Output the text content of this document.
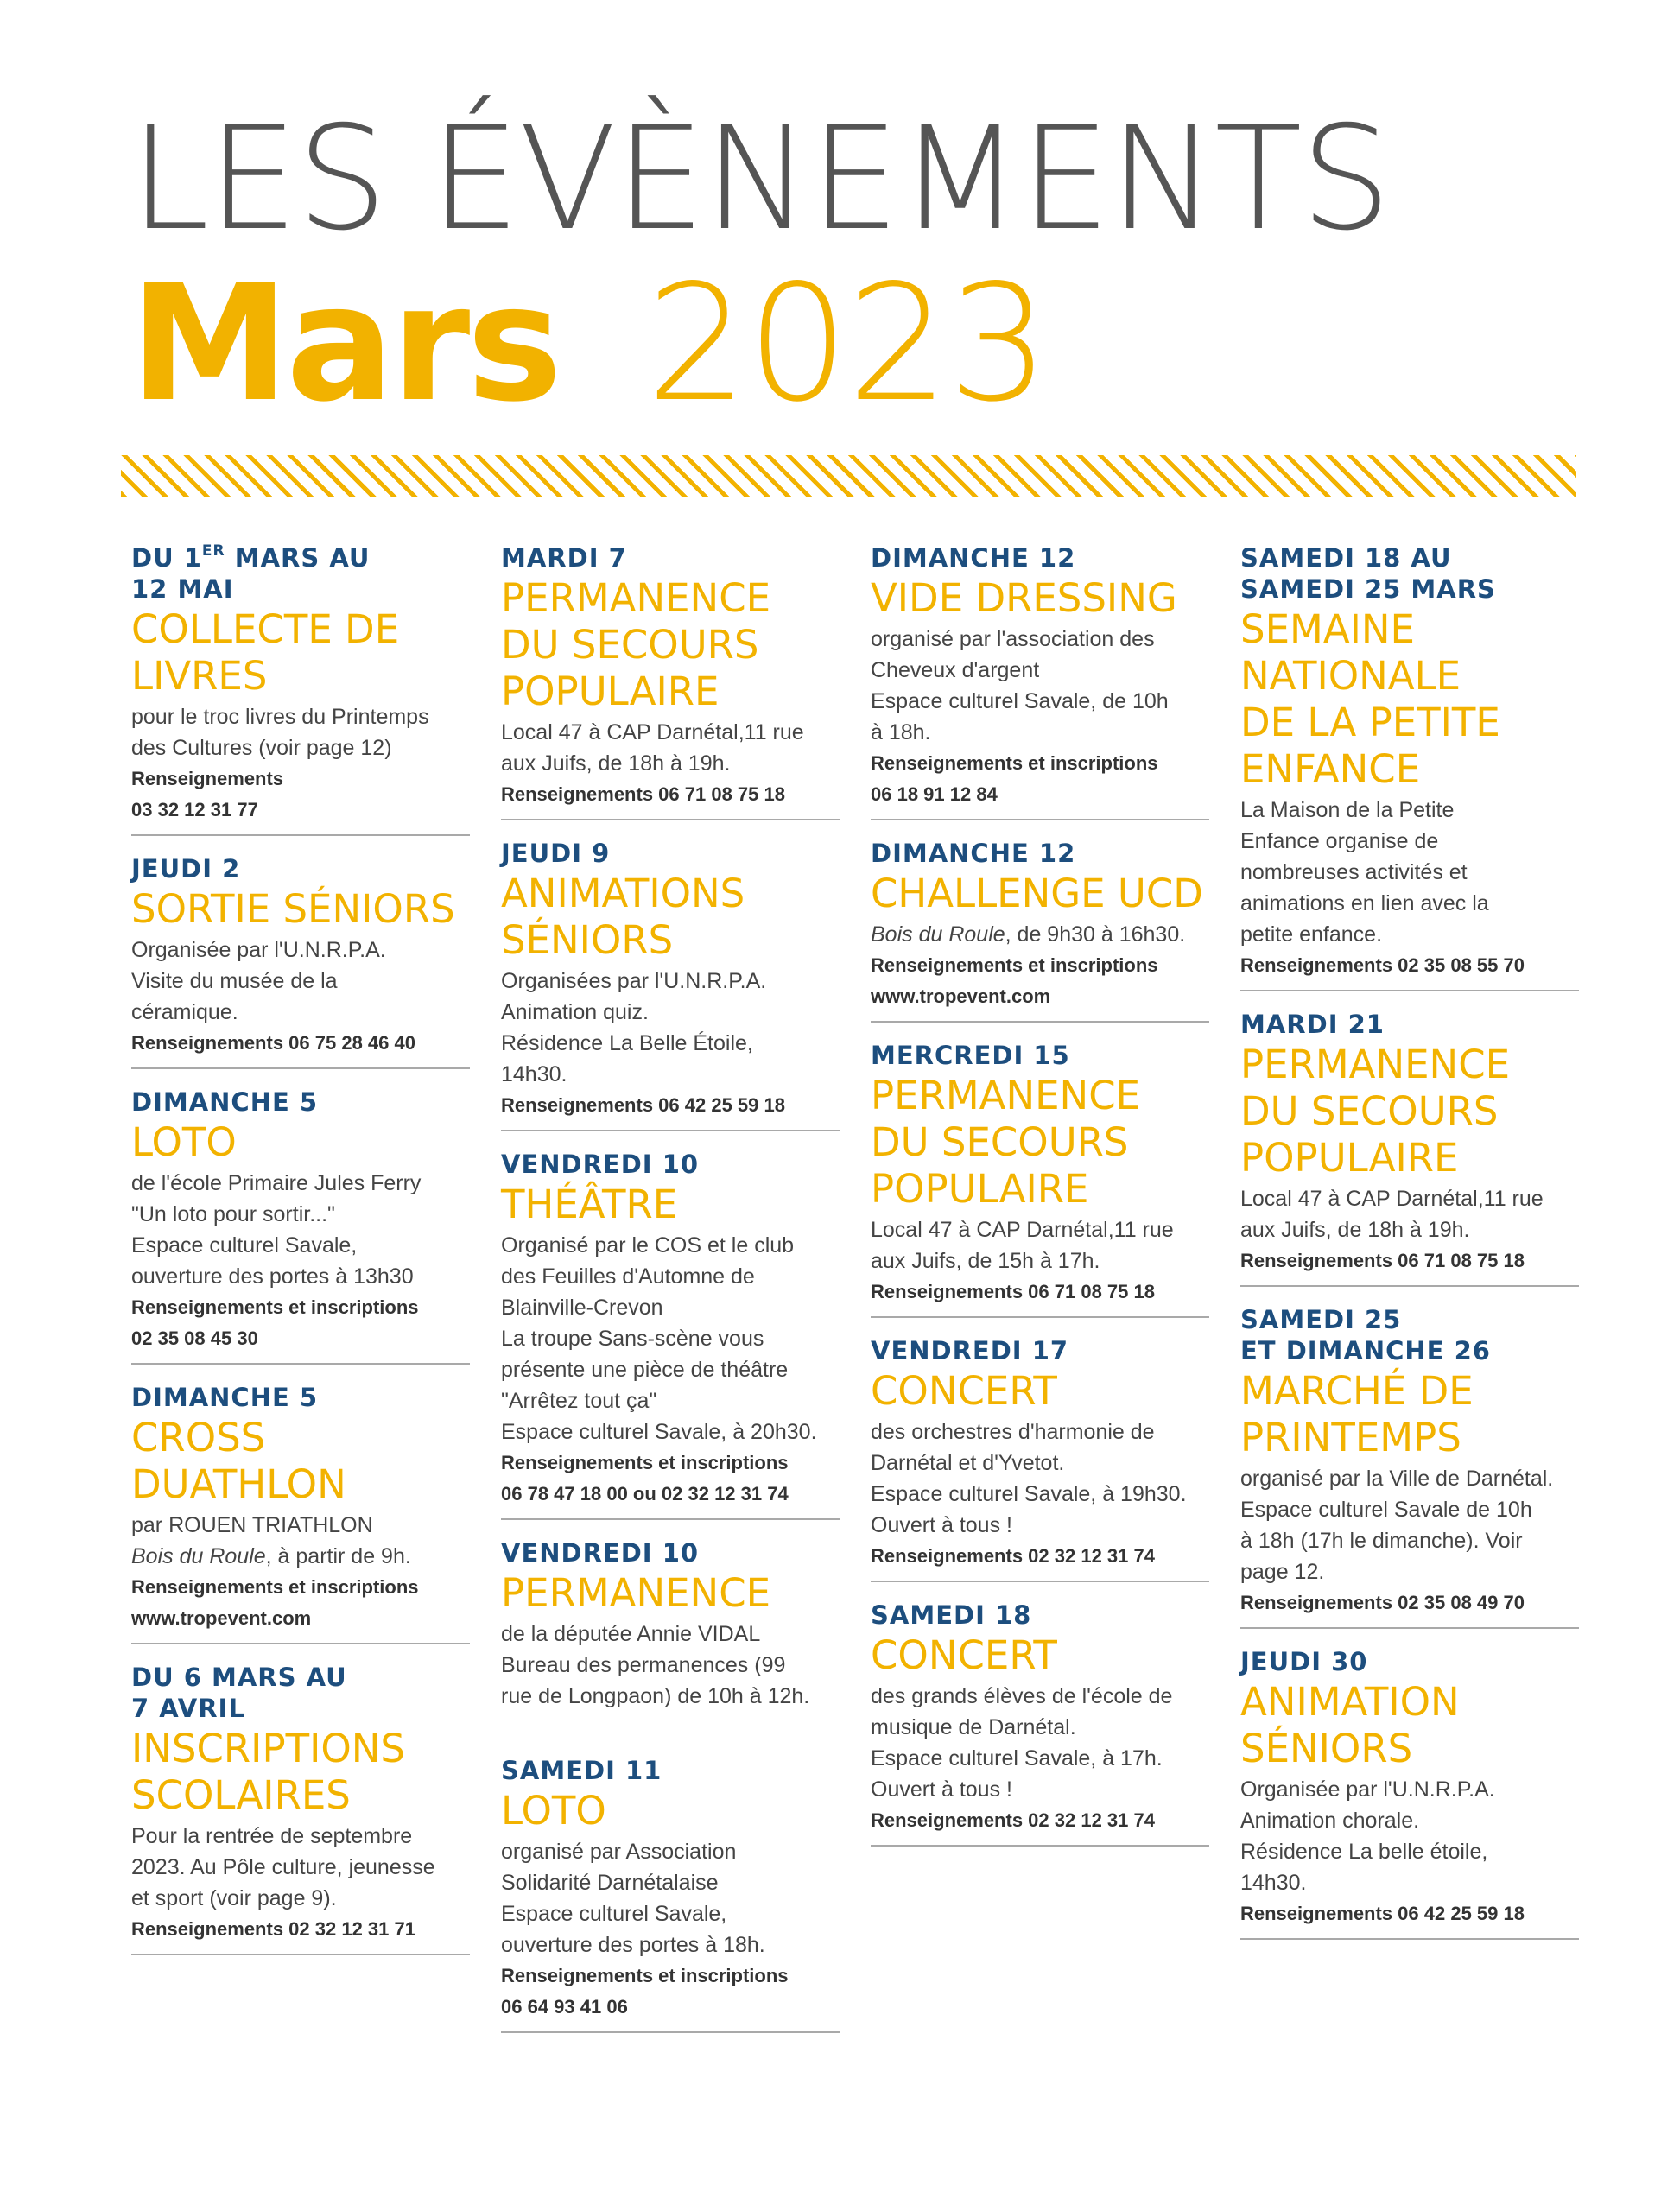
LES ÉVÈNEMENTS
Mars 2023
DU 1ER MARS AU
12 MAI
COLLECTE DE
LIVRES
pour le troc livres du Printemps
des Cultures (voir page 12)
Renseignements
03 32 12 31 77
JEUDI 2
SORTIE SÉNIORS
Organisée par l'U.N.R.P.A.
Visite du musée de la
céramique.
Renseignements 06 75 28 46 40
DIMANCHE 5
LOTO
de l'école Primaire Jules Ferry
"Un loto pour sortir..."
Espace culturel Savale,
ouverture des portes à 13h30
Renseignements et inscriptions
02 35 08 45 30
DIMANCHE 5
CROSS
DUATHLON
par ROUEN TRIATHLON
Bois du Roule, à partir de 9h.
Renseignements et inscriptions
www.tropevent.com
DU 6 MARS AU
7 AVRIL
INSCRIPTIONS
SCOLAIRES
Pour la rentrée de septembre
2023. Au Pôle culture, jeunesse
et sport (voir page 9).
Renseignements 02 32 12 31 71
MARDI 7
PERMANENCE
DU SECOURS
POPULAIRE
Local 47 à CAP Darnétal,11 rue
aux Juifs, de 18h à 19h.
Renseignements 06 71 08 75 18
JEUDI 9
ANIMATIONS
SÉNIORS
Organisées par l'U.N.R.P.A.
Animation quiz.
Résidence La Belle Étoile,
14h30.
Renseignements 06 42 25 59 18
VENDREDI 10
THÉÂTRE
Organisé par le COS et le club
des Feuilles d'Automne de
Blainville-Crevon
La troupe Sans-scène vous
présente une pièce de théâtre
"Arrêtez tout ça"
Espace culturel Savale, à 20h30.
Renseignements et inscriptions
06 78 47 18 00 ou 02 32 12 31 74
VENDREDI 10
PERMANENCE
de la députée Annie VIDAL
Bureau des permanences (99
rue de Longpaon) de 10h à 12h.
SAMEDI 11
LOTO
organisé par Association
Solidarité Darnétalaise
Espace culturel Savale,
ouverture des portes à 18h.
Renseignements et inscriptions
06 64 93 41 06
DIMANCHE 12
VIDE DRESSING
organisé par l'association des
Cheveux d'argent
Espace culturel Savale, de 10h
à 18h.
Renseignements et inscriptions
06 18 91 12 84
DIMANCHE 12
CHALLENGE UCD
Bois du Roule, de 9h30 à 16h30.
Renseignements et inscriptions
www.tropevent.com
MERCREDI 15
PERMANENCE
DU SECOURS
POPULAIRE
Local 47 à CAP Darnétal,11 rue
aux Juifs, de 15h à 17h.
Renseignements 06 71 08 75 18
VENDREDI 17
CONCERT
des orchestres d'harmonie de
Darnétal et d'Yvetot.
Espace culturel Savale, à 19h30.
Ouvert à tous !
Renseignements 02 32 12 31 74
SAMEDI 18
CONCERT
des grands élèves de l'école de
musique de Darnétal.
Espace culturel Savale, à 17h.
Ouvert à tous !
Renseignements 02 32 12 31 74
SAMEDI 18 AU
SAMEDI 25 MARS
SEMAINE
NATIONALE
DE LA PETITE
ENFANCE
La Maison de la Petite
Enfance organise de
nombreuses activités et
animations en lien avec la
petite enfance.
Renseignements 02 35 08 55 70
MARDI 21
PERMANENCE
DU SECOURS
POPULAIRE
Local 47 à CAP Darnétal,11 rue
aux Juifs, de 18h à 19h.
Renseignements 06 71 08 75 18
SAMEDI 25
ET DIMANCHE 26
MARCHÉ DE
PRINTEMPS
organisé par la Ville de Darnétal.
Espace culturel Savale de 10h
à 18h (17h le dimanche). Voir
page 12.
Renseignements 02 35 08 49 70
JEUDI 30
ANIMATION
SÉNIORS
Organisée par l'U.N.R.P.A.
Animation chorale.
Résidence La belle étoile,
14h30.
Renseignements 06 42 25 59 18
